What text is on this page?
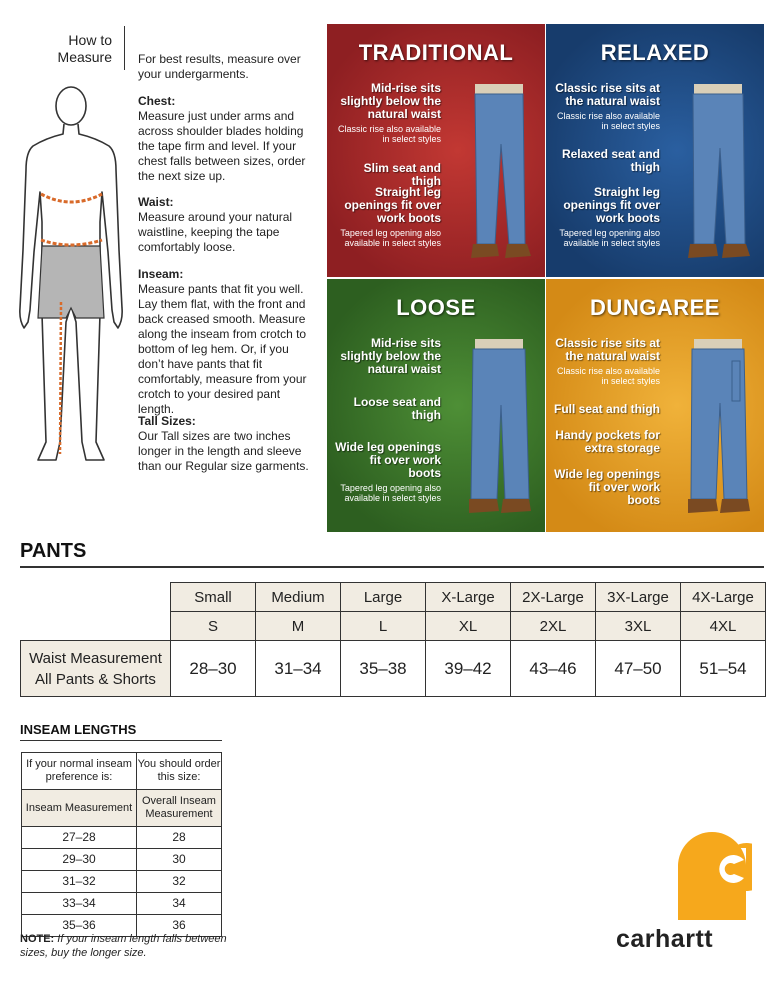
How to
Measure For best results, measure over your undergarments.
Chest:
Measure just under arms and across shoulder blades holding the tape firm and level. If your chest falls between sizes, order the next size up.
Waist:
Measure around your natural waistline, keeping the tape comfortably loose.
Inseam:
Measure pants that fit you well. Lay them flat, with the front and back creased smooth. Measure along the inseam from crotch to bottom of leg hem. Or, if you don’t have pants that fit comfortably, measure from your crotch to your desired pant length.
Tall Sizes:
Our Tall sizes are two inches longer in the length and sleeve than our Regular size garments.
TRADITIONAL
Mid-rise sits slightly below the natural waist
Classic rise also available in select styles
Slim seat and thigh
Straight leg openings fit over work boots
Tapered leg opening also available in select styles
RELAXED
Classic rise sits at the natural waist
Classic rise also available in select styles
Relaxed seat and thigh
Straight leg openings fit over work boots
Tapered leg opening also available in select styles
LOOSE
Mid-rise sits slightly below the natural waist
Loose seat and thigh
Wide leg openings fit over work boots
Tapered leg opening also available in select styles
DUNGAREE
Classic rise sits at the natural waist
Classic rise also available in select styles
Full seat and thigh
Handy pockets for extra storage
Wide leg openings fit over work boots
PANTS
	Small	Medium	Large	X-Large	2X-Large	3X-Large	4X-Large
	S	M	L	XL	2XL	3XL	4XL

Waist Measurement
All Pants & Shorts	28–30	31–34	35–38	39–42	43–46	47–50	51–54
INSEAM LENGTHS
If your normal inseam preference is:	You should order this size:
Inseam Measurement	Overall Inseam Measurement
27–28	28
29–30	30
31–32	32
33–34	34
35–36	36
NOTE: If your inseam length falls between sizes, buy the longer size.	carhartt
